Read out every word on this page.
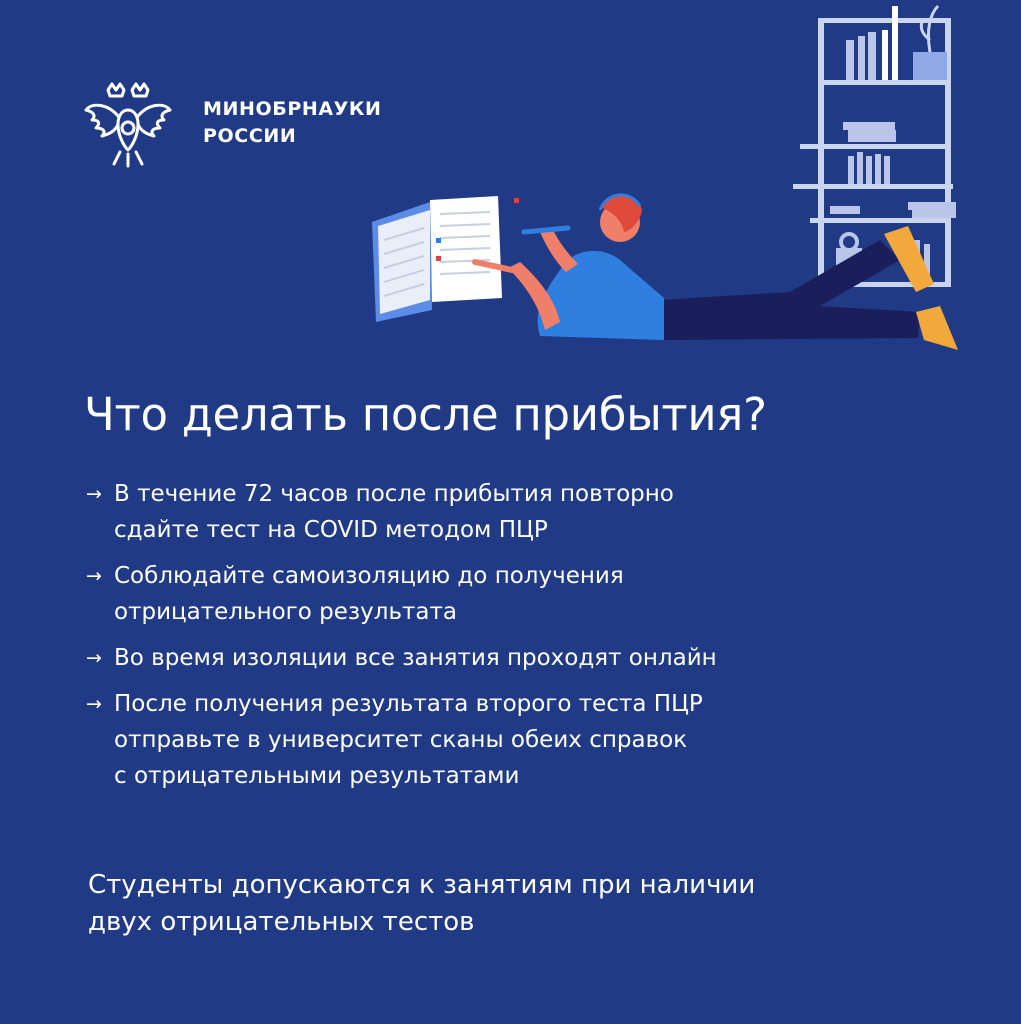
МИНОБРНАУКИ
РОССИИ
Что делать после прибытия?
→ В течение 72 часов после прибытия повторно
сдайте тест на COVID методом ПЦР
→ Соблюдайте самоизоляцию до получения
отрицательного результата
→ Во время изоляции все занятия проходят онлайн
→ После получения результата второго теста ПЦР
отправьте в университет сканы обеих справок
с отрицательными результатами
Студенты допускаются к занятиям при наличии
двух отрицательных тестов
